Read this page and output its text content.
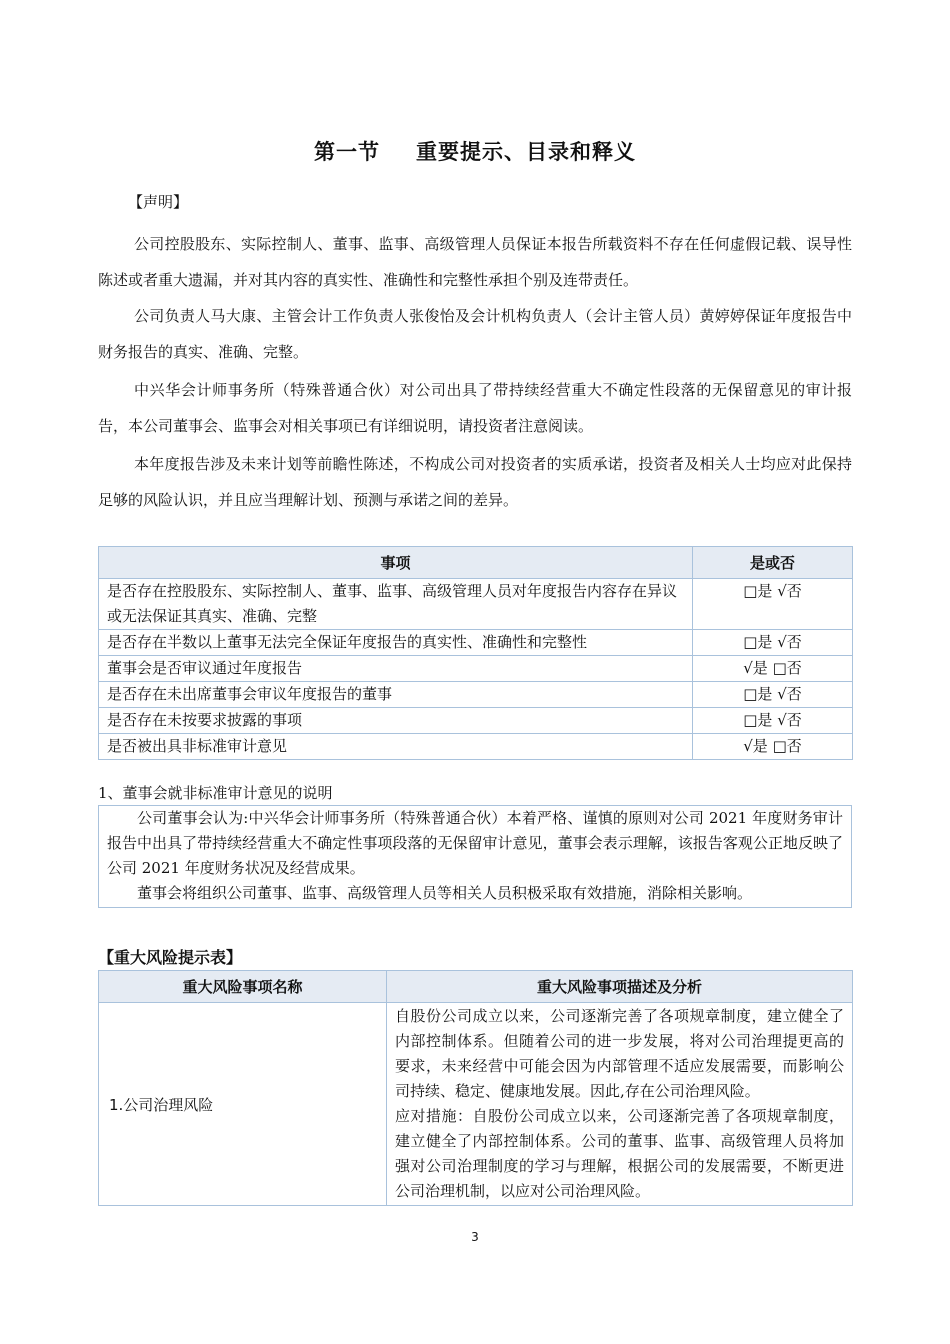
第一节 重要提示、目录和释义
【声明】

公司控股股东、实际控制人、董事、监事、高级管理人员保证本报告所载资料不存在任何虚假记载、误导性陈述或者重大遗漏，并对其内容的真实性、准确性和完整性承担个别及连带责任。

公司负责人马大康、主管会计工作负责人张俊怡及会计机构负责人（会计主管人员）黄婷婷保证年度报告中财务报告的真实、准确、完整。

中兴华会计师事务所（特殊普通合伙）对公司出具了带持续经营重大不确定性段落的无保留意见的审计报告，本公司董事会、监事会对相关事项已有详细说明，请投资者注意阅读。

本年度报告涉及未来计划等前瞻性陈述，不构成公司对投资者的实质承诺，投资者及相关人士均应对此保持足够的风险认识，并且应当理解计划、预测与承诺之间的差异。

事项	是或否
是否存在控股股东、实际控制人、董事、监事、高级管理人员对年度报告内容存在异议或无法保证其真实、准确、完整	□是 √否
是否存在半数以上董事无法完全保证年度报告的真实性、准确性和完整性	□是 √否
董事会是否审议通过年度报告	√是 □否
是否存在未出席董事会审议年度报告的董事	□是 √否
是否存在未按要求披露的事项	□是 √否
是否被出具非标准审计意见	√是 □否
1、董事会就非标准审计意见的说明

公司董事会认为:中兴华会计师事务所（特殊普通合伙）本着严格、谨慎的原则对公司 2021 年度财务审计报告中出具了带持续经营重大不确定性事项段落的无保留审计意见，董事会表示理解，该报告客观公正地反映了公司 2021 年度财务状况及经营成果。

董事会将组织公司董事、监事、高级管理人员等相关人员积极采取有效措施，消除相关影响。

【重大风险提示表】
重大风险事项名称	重大风险事项描述及分析
1.公司治理风险	自股份公司成立以来，公司逐渐完善了各项规章制度，建立健全了内部控制体系。但随着公司的进一步发展，将对公司治理提更高的要求，未来经营中可能会因为内部管理不适应发展需要，而影响公司持续、稳定、健康地发展。因此,存在公司治理风险。

应对措施：自股份公司成立以来，公司逐渐完善了各项规章制度，建立健全了内部控制体系。公司的董事、监事、高级管理人员将加强对公司治理制度的学习与理解，根据公司的发展需要，不断更进公司治理机制，以应对公司治理风险。

3
